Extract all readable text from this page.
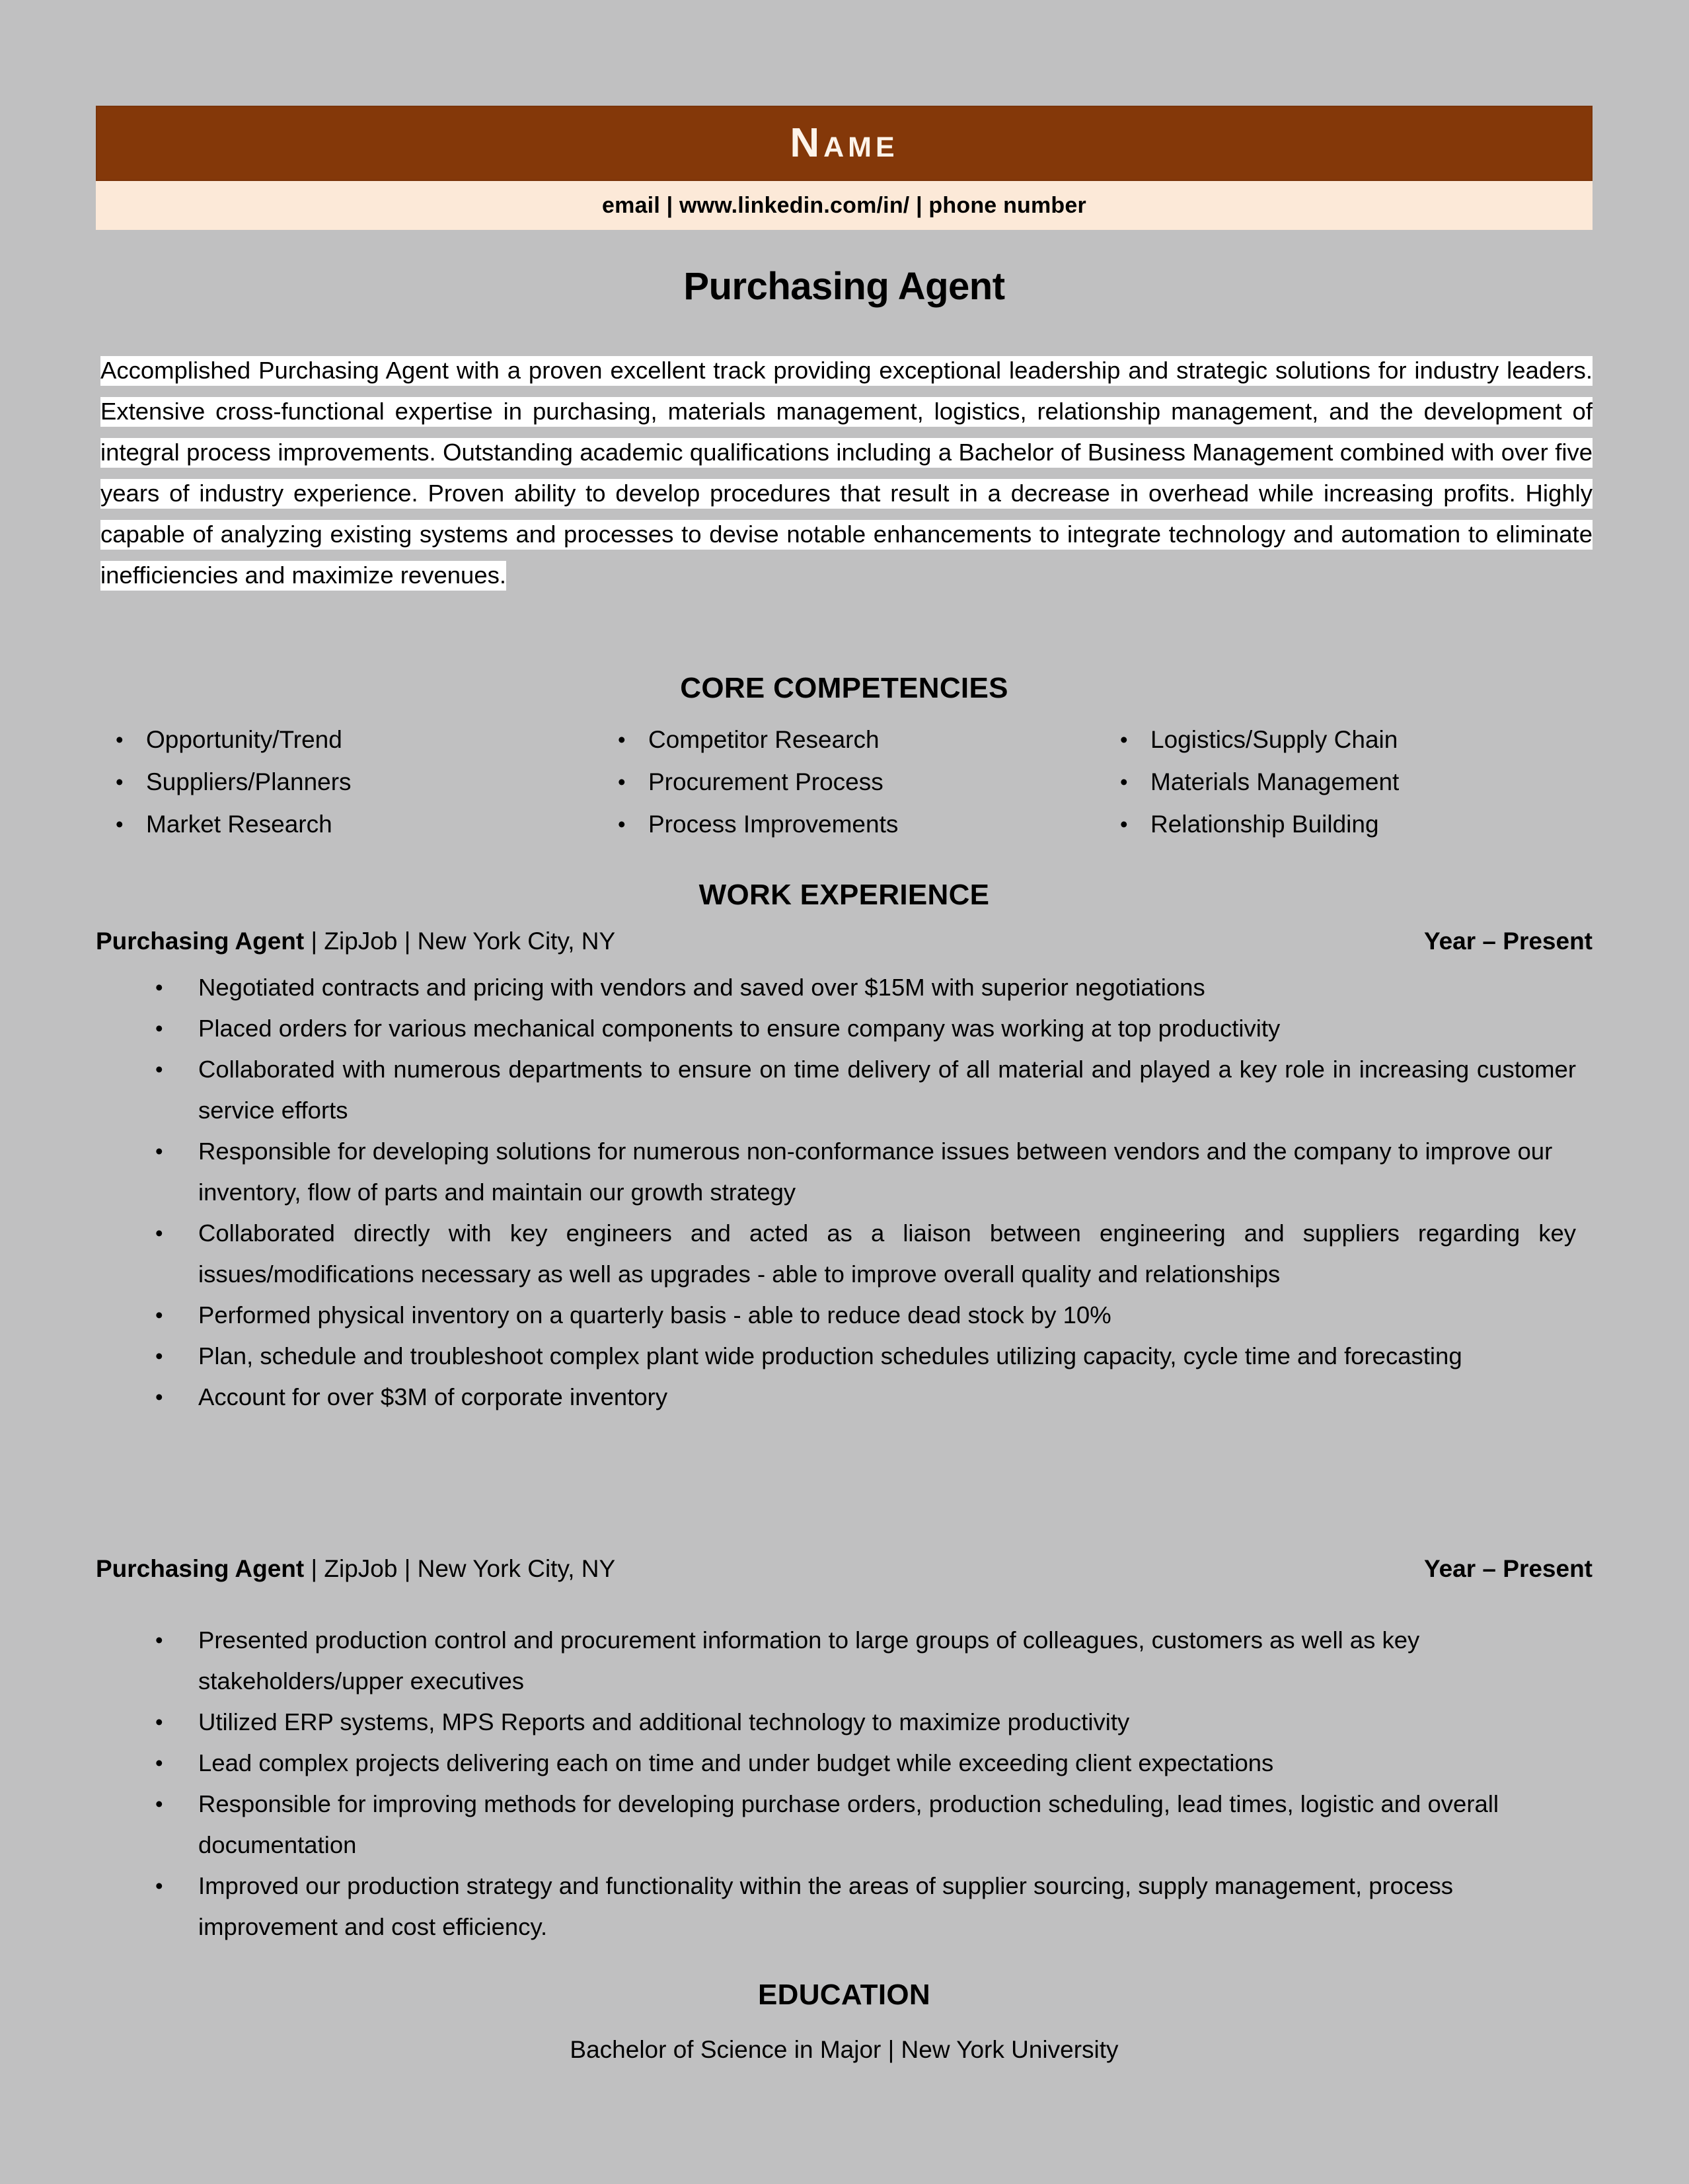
Name
email | www.linkedin.com/in/ | phone number
Purchasing Agent
Accomplished Purchasing Agent with a proven excellent track providing exceptional leadership and strategic solutions for industry leaders. Extensive cross-functional expertise in purchasing, materials management, logistics, relationship management, and the development of integral process improvements. Outstanding academic qualifications including a Bachelor of Business Management combined with over five years of industry experience. Proven ability to develop procedures that result in a decrease in overhead while increasing profits. Highly capable of analyzing existing systems and processes to devise notable enhancements to integrate technology and automation to eliminate inefficiencies and maximize revenues.
CORE COMPETENCIES
• Opportunity/Trend	• Competitor Research	• Logistics/Supply Chain
• Suppliers/Planners	• Procurement Process	• Materials Management
• Market Research	• Process Improvements	• Relationship Building
WORK EXPERIENCE
Purchasing Agent | ZipJob | New York City, NY	Year – Present
•	Negotiated contracts and pricing with vendors and saved over $15M with superior negotiations
•	Placed orders for various mechanical components to ensure company was working at top productivity
•	Collaborated with numerous departments to ensure on time delivery of all material and played a key role in increasing customer service efforts
•	Responsible for developing solutions for numerous non-conformance issues between vendors and the company to improve our inventory, flow of parts and maintain our growth strategy
•	Collaborated directly with key engineers and acted as a liaison between engineering and suppliers regarding key issues/modifications necessary as well as upgrades - able to improve overall quality and relationships
•	Performed physical inventory on a quarterly basis - able to reduce dead stock by 10%
•	Plan, schedule and troubleshoot complex plant wide production schedules utilizing capacity, cycle time and forecasting
•	Account for over $3M of corporate inventory
Purchasing Agent | ZipJob | New York City, NY	Year – Present
•	Presented production control and procurement information to large groups of colleagues, customers as well as key stakeholders/upper executives
•	Utilized ERP systems, MPS Reports and additional technology to maximize productivity
•	Lead complex projects delivering each on time and under budget while exceeding client expectations
•	Responsible for improving methods for developing purchase orders, production scheduling, lead times, logistic and overall documentation
•	Improved our production strategy and functionality within the areas of supplier sourcing, supply management, process improvement and cost efficiency.
EDUCATION
Bachelor of Science in Major | New York University
